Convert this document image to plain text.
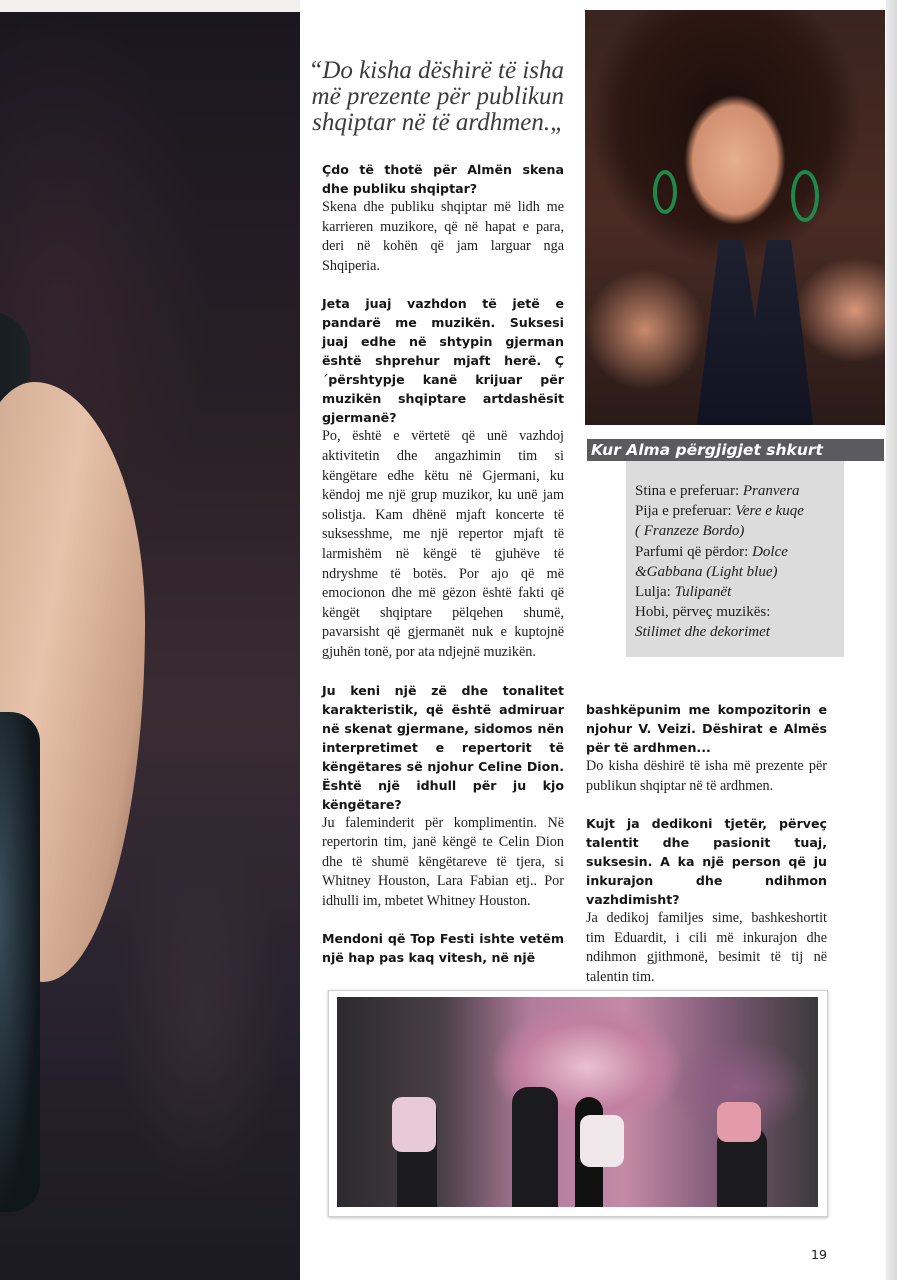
“Do kisha dëshirë të isha më prezente për publikun shqiptar në të ardhmen.„
Çdo të thotë për Almën skena dhe publiku shqiptar?

Skena dhe publiku shqiptar më lidh me karrieren muzikore, që në hapat e para, deri në kohën që jam larguar nga Shqiperia.

Jeta juaj vazhdon të jetë e pandarë me muzikën. Suksesi juaj edhe në shtypin gjerman është shprehur mjaft herë. Ç´përshtypje kanë krijuar për muzikën shqiptare artdashësit gjermanë?

Po, është e vërtetë që unë vazhdoj aktivitetin dhe angazhimin tim si këngëtare edhe këtu në Gjermani, ku këndoj me një grup muzikor, ku unë jam solistja. Kam dhënë mjaft koncerte të suksesshme, me një repertor mjaft të larmishëm në këngë të gjuhëve të ndryshme të botës. Por ajo që më emocionon dhe më gëzon është fakti që këngët shqiptare pëlqehen shumë, pavarsisht që gjermanët nuk e kuptojnë gjuhën tonë, por ata ndjejnë muzikën.

Ju keni një zë dhe tonalitet karakteristik, që është admiruar në skenat gjermane, sidomos nën interpretimet e repertorit të këngëtares së njohur Celine Dion. Është një idhull për ju kjo këngëtare?

Ju faleminderit për komplimentin. Në repertorin tim, janë këngë te Celin Dion dhe të shumë këngëtareve të tjera, si Whitney Houston, Lara Fabian etj.. Por idhulli im, mbetet Whitney Houston.

Mendoni që Top Festi ishte vetëm një hap pas kaq vitesh, në një

bashkëpunim me kompozitorin e njohur V. Veizi. Dëshirat e Almës për të ardhmen...

Do kisha dëshirë të isha më prezente për publikun shqiptar në të ardhmen.

Kujt ja dedikoni tjetër, përveç talentit dhe pasionit tuaj, suksesin. A ka një person që ju inkurajon dhe ndihmon vazhdimisht?

Ja dedikoj familjes sime, bashkeshortit tim Eduardit, i cili më inkurajon dhe ndihmon gjithmonë, besimit të tij në talentin tim.

Kur Alma përgjigjet shkurt
Stina e preferuar: Pranvera
Pija e preferuar: Vere e kuqe
( Franzeze Bordo)
Parfumi që përdor: Dolce
&Gabbana (Light blue)
Lulja: Tulipanët
Hobi, përveç muzikës:
Stilimet dhe dekorimet
19
